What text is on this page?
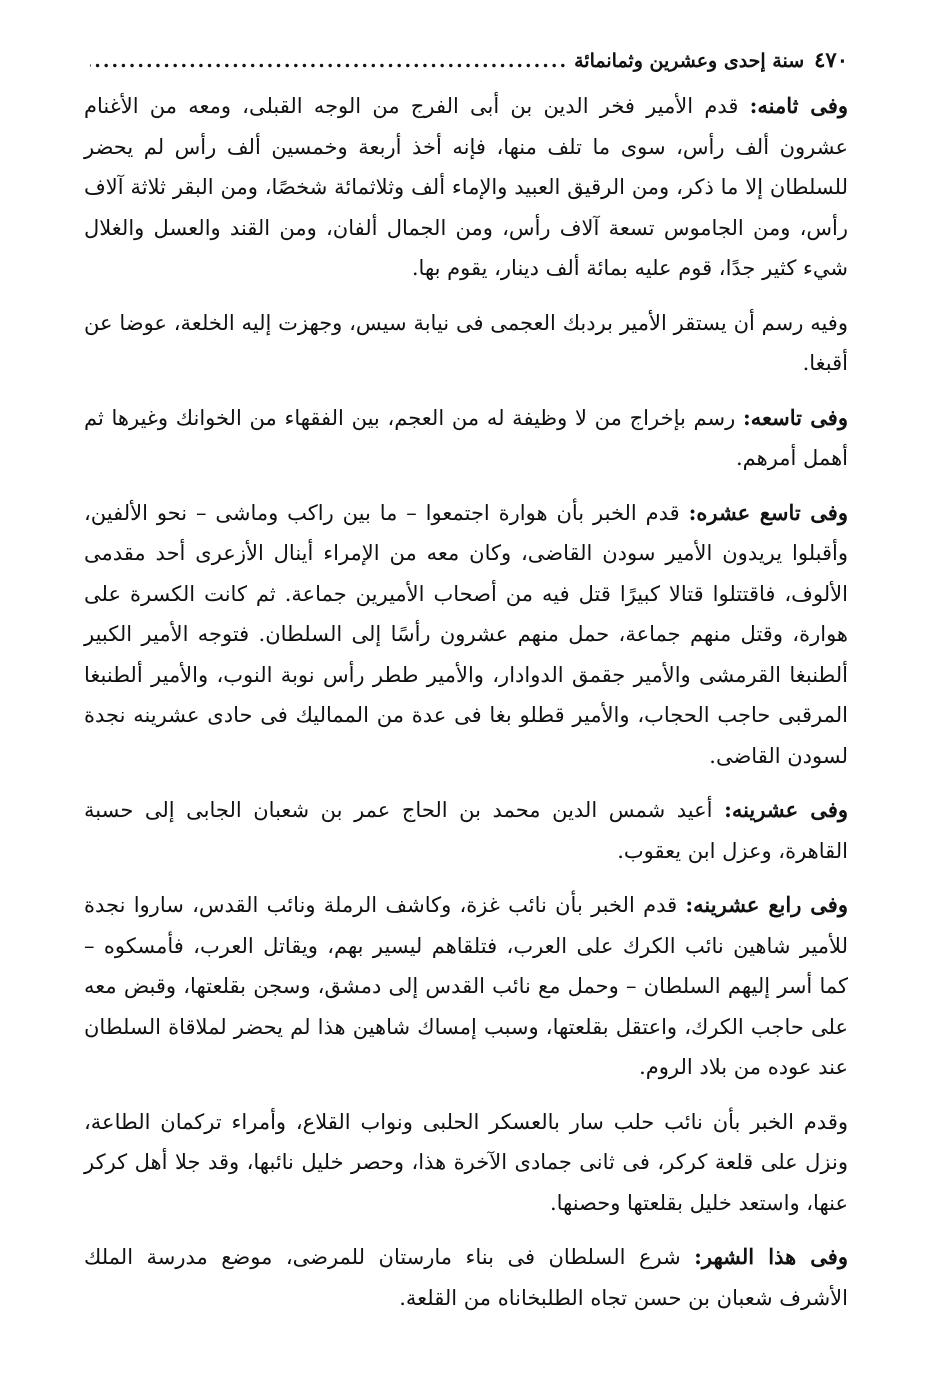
٤٧٠
سنة إحدى وعشرين وثمانمائة
.....

وفى ثامنه: قدم الأمير فخر الدين بن أبى الفرج من الوجه القبلى، ومعه من الأغنام عشرون ألف رأس، سوى ما تلف منها، فإنه أخذ أربعة وخمسين ألف رأس لم يحضر للسلطان إلا ما ذكر، ومن الرقيق العبيد والإماء ألف وثلاثمائة شخصًا، ومن البقر ثلاثة آلاف رأس، ومن الجاموس تسعة آلاف رأس، ومن الجمال ألفان، ومن القند والعسل والغلال شيء كثير جدًا، قوم عليه بمائة ألف دينار، يقوم بها.

وفيه رسم أن يستقر الأمير بردبك العجمى فى نيابة سيس، وجهزت إليه الخلعة، عوضا عن أقبغا.

وفى تاسعه: رسم بإخراج من لا وظيفة له من العجم، بين الفقهاء من الخوانك وغيرها ثم أهمل أمرهم.

وفى تاسع عشره: قدم الخبر بأن هوارة اجتمعوا – ما بين راكب وماشى – نحو الألفين، وأقبلوا يريدون الأمير سودن القاضى، وكان معه من الإمراء أينال الأزعرى أحد مقدمى الألوف، فاقتتلوا قتالا كبيرًا قتل فيه من أصحاب الأميرين جماعة. ثم كانت الكسرة على هوارة، وقتل منهم جماعة، حمل منهم عشرون رأسًا إلى السلطان. فتوجه الأمير الكبير ألطنبغا القرمشى والأمير جقمق الدوادار، والأمير ططر رأس نوبة النوب، والأمير ألطنبغا المرقبى حاجب الحجاب، والأمير قطلو بغا فى عدة من المماليك فى حادى عشرينه نجدة لسودن القاضى.

وفى عشرينه: أعيد شمس الدين محمد بن الحاج عمر بن شعبان الجابى إلى حسبة القاهرة، وعزل ابن يعقوب.

وفى رابع عشرينه: قدم الخبر بأن نائب غزة، وكاشف الرملة ونائب القدس، ساروا نجدة للأمير شاهين نائب الكرك على العرب، فتلقاهم ليسير بهم، ويقاتل العرب، فأمسكوه – كما أسر إليهم السلطان – وحمل مع نائب القدس إلى دمشق، وسجن بقلعتها، وقبض معه على حاجب الكرك، واعتقل بقلعتها، وسبب إمساك شاهين هذا لم يحضر لملاقاة السلطان عند عوده من بلاد الروم.

وقدم الخبر بأن نائب حلب سار بالعسكر الحلبى ونواب القلاع، وأمراء تركمان الطاعة، ونزل على قلعة كركر، فى ثانى جمادى الآخرة هذا، وحصر خليل نائبها، وقد جلا أهل كركر عنها، واستعد خليل بقلعتها وحصنها.

وفى هذا الشهر: شرع السلطان فى بناء مارستان للمرضى، موضع مدرسة الملك الأشرف شعبان بن حسن تجاه الطلبخاناه من القلعة.
